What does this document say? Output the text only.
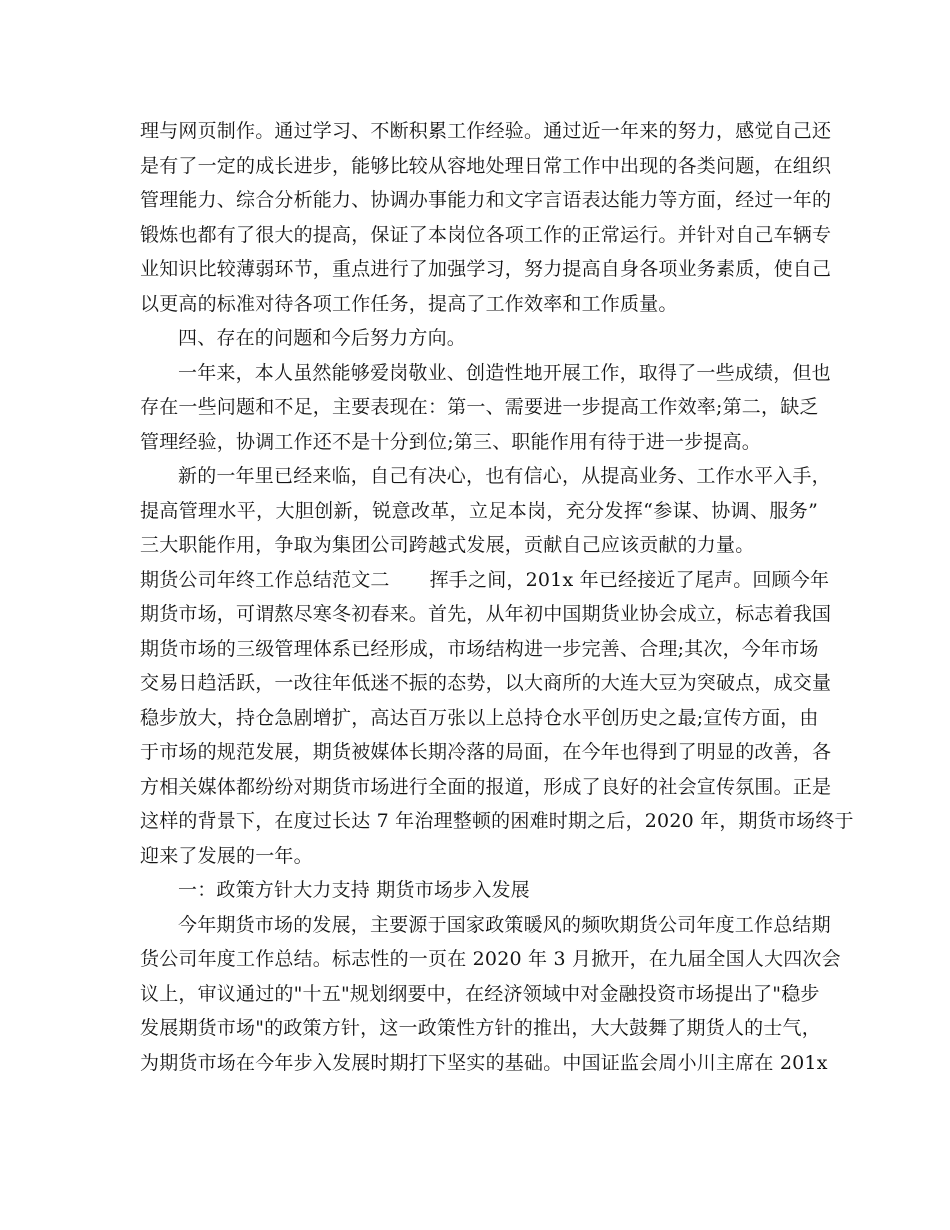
理与网页制作。通过学习、不断积累工作经验。通过近一年来的努力，感觉自己还
是有了一定的成长进步，能够比较从容地处理日常工作中出现的各类问题，在组织
管理能力、综合分析能力、协调办事能力和文字言语表达能力等方面，经过一年的
锻炼也都有了很大的提高，保证了本岗位各项工作的正常运行。并针对自己车辆专
业知识比较薄弱环节，重点进行了加强学习，努力提高自身各项业务素质，使自己
以更高的标准对待各项工作任务，提高了工作效率和工作质量。
四、存在的问题和今后努力方向。
一年来，本人虽然能够爱岗敬业、创造性地开展工作，取得了一些成绩，但也
存在一些问题和不足，主要表现在：第一、需要进一步提高工作效率;第二，缺乏
管理经验，协调工作还不是十分到位;第三、职能作用有待于进一步提高。
新的一年里已经来临，自己有决心，也有信心，从提高业务、工作水平入手，
提高管理水平，大胆创新，锐意改革，立足本岗，充分发挥“参谋、协调、服务”
三大职能作用，争取为集团公司跨越式发展，贡献自己应该贡献的力量。
期货公司年终工作总结范文二 挥手之间，201x 年已经接近了尾声。回顾今年
期货市场，可谓熬尽寒冬初春来。首先，从年初中国期货业协会成立，标志着我国
期货市场的三级管理体系已经形成，市场结构进一步完善、合理;其次，今年市场
交易日趋活跃，一改往年低迷不振的态势，以大商所的大连大豆为突破点，成交量
稳步放大，持仓急剧增扩，高达百万张以上总持仓水平创历史之最;宣传方面，由
于市场的规范发展，期货被媒体长期冷落的局面，在今年也得到了明显的改善，各
方相关媒体都纷纷对期货市场进行全面的报道，形成了良好的社会宣传氛围。正是
这样的背景下，在度过长达 7 年治理整顿的困难时期之后，2020 年，期货市场终于
迎来了发展的一年。
一：政策方针大力支持 期货市场步入发展
今年期货市场的发展，主要源于国家政策暖风的频吹期货公司年度工作总结期
货公司年度工作总结。标志性的一页在 2020 年 3 月掀开，在九届全国人大四次会
议上，审议通过的"十五"规划纲要中，在经济领域中对金融投资市场提出了"稳步
发展期货市场"的政策方针，这一政策性方针的推出，大大鼓舞了期货人的士气，
为期货市场在今年步入发展时期打下坚实的基础。中国证监会周小川主席在 201x
